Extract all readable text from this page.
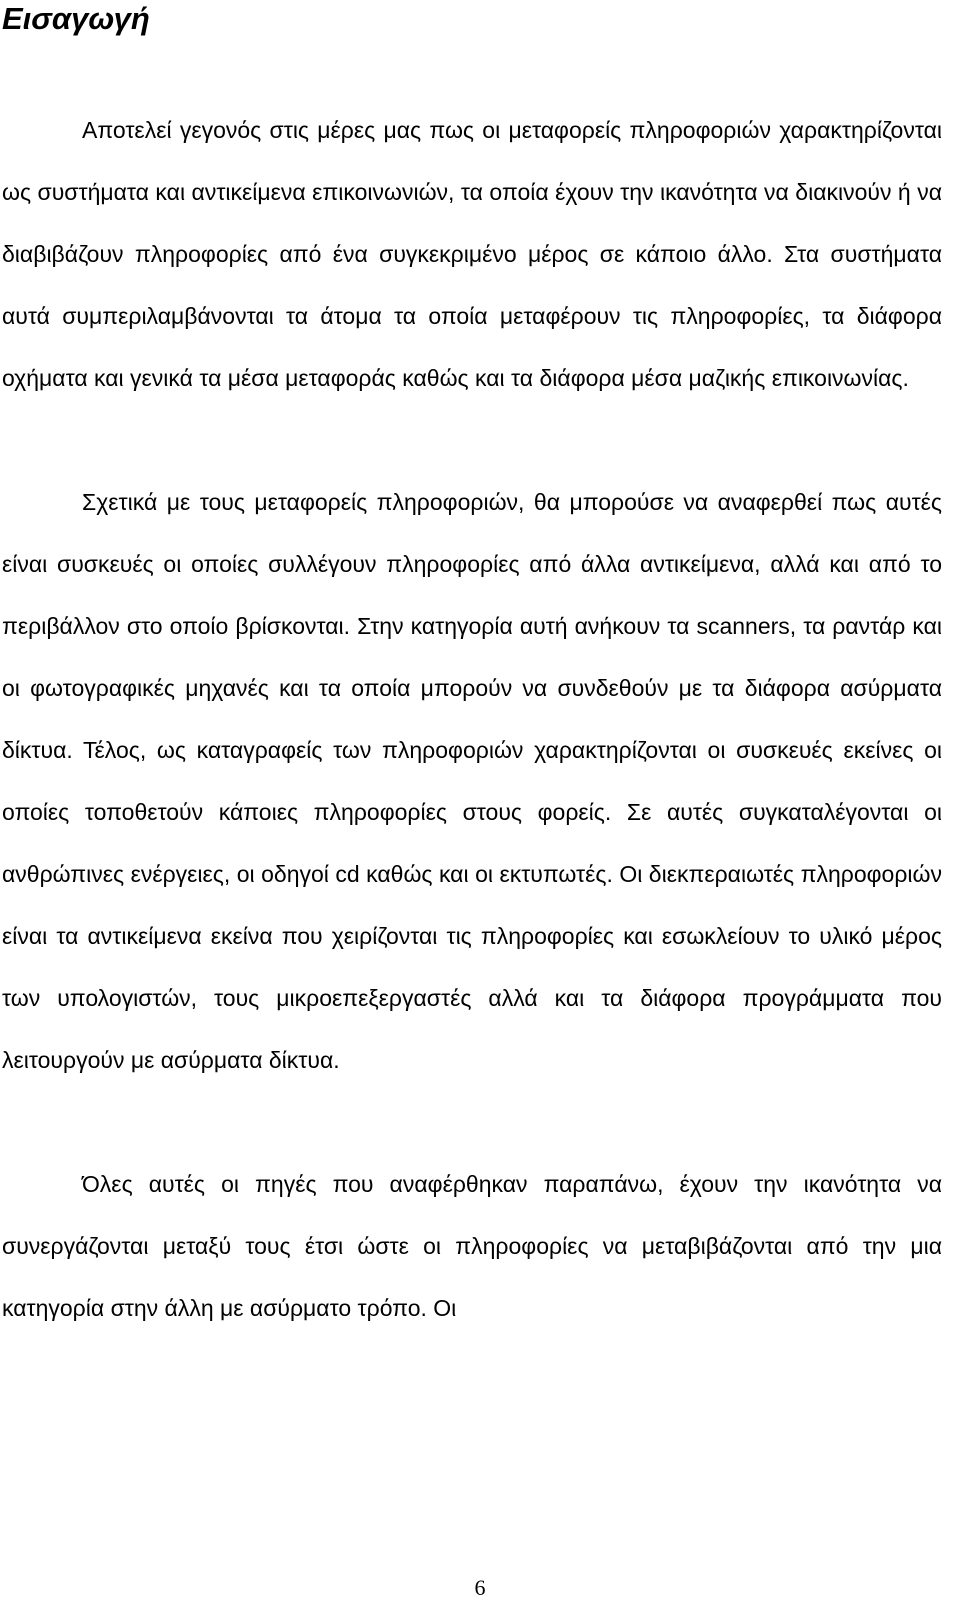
Εισαγωγή

Αποτελεί γεγονός στις μέρες μας πως οι μεταφορείς πληροφοριών χαρακτηρίζονται ως συστήματα και αντικείμενα επικοινωνιών, τα οποία έχουν την ικανότητα να διακινούν ή να διαβιβάζουν πληροφορίες από ένα συγκεκριμένο μέρος σε κάποιο άλλο. Στα συστήματα αυτά συμπεριλαμβάνονται τα άτομα τα οποία μεταφέρουν τις πληροφορίες, τα διάφορα οχήματα και γενικά τα μέσα μεταφοράς καθώς και τα διάφορα μέσα μαζικής επικοινωνίας.

Σχετικά με τους μεταφορείς πληροφοριών, θα μπορούσε να αναφερθεί πως αυτές είναι συσκευές οι οποίες συλλέγουν πληροφορίες από άλλα αντικείμενα, αλλά και από το περιβάλλον στο οποίο βρίσκονται. Στην κατηγορία αυτή ανήκουν τα scanners, τα ραντάρ και οι φωτογραφικές μηχανές και τα οποία μπορούν να συνδεθούν με τα διάφορα ασύρματα δίκτυα. Τέλος, ως καταγραφείς των πληροφοριών χαρακτηρίζονται οι συσκευές εκείνες οι οποίες τοποθετούν κάποιες πληροφορίες στους φορείς. Σε αυτές συγκαταλέγονται οι ανθρώπινες ενέργειες, οι οδηγοί cd καθώς και οι εκτυπωτές. Οι διεκπεραιωτές πληροφοριών είναι τα αντικείμενα εκείνα που χειρίζονται τις πληροφορίες και εσωκλείουν το υλικό μέρος των υπολογιστών, τους μικροεπεξεργαστές αλλά και τα διάφορα προγράμματα που λειτουργούν με ασύρματα δίκτυα.

Όλες αυτές οι πηγές που αναφέρθηκαν παραπάνω, έχουν την ικανότητα να συνεργάζονται μεταξύ τους έτσι ώστε οι πληροφορίες να μεταβιβάζονται από την μια κατηγορία στην άλλη με ασύρματο τρόπο. Οι

6
